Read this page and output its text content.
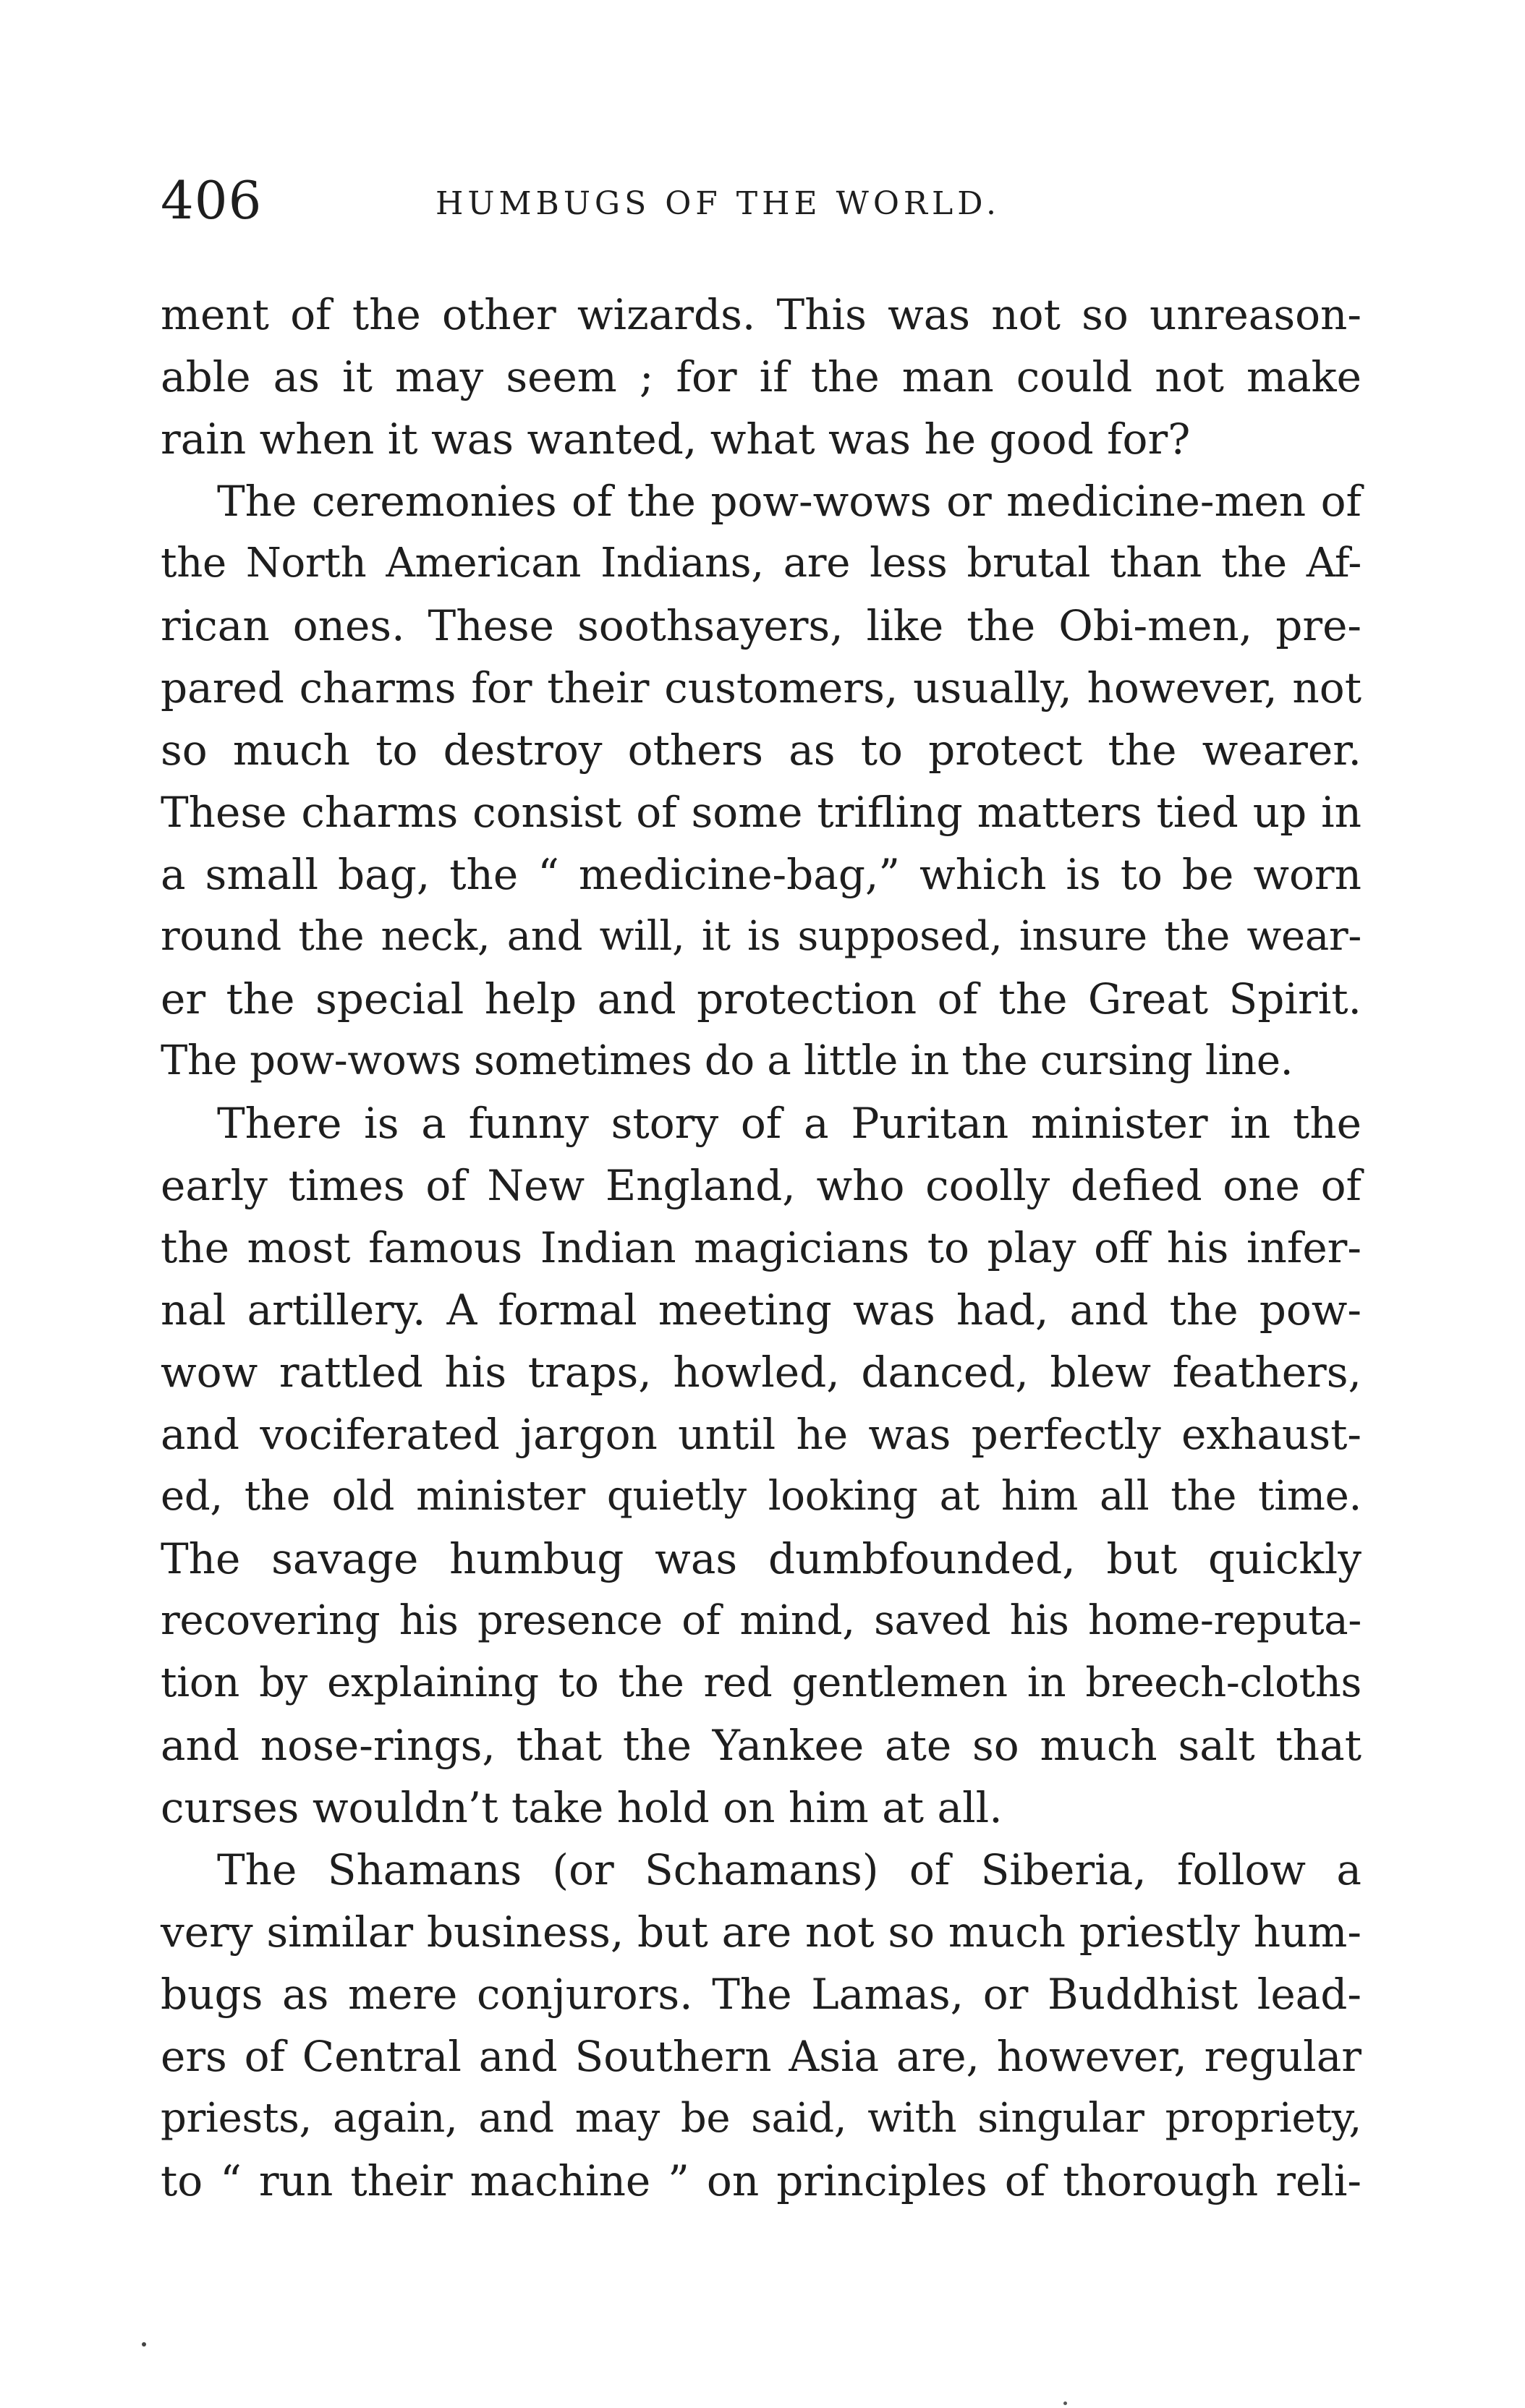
406	HUMBUGS OF THE WORLD.
ment of the other wizards. This was not so unreason-
able as it may seem ; for if the man could not make
rain when it was wanted, what was he good for?
The ceremonies of the pow-wows or medicine-men of
the North American Indians, are less brutal than the Af-
rican ones. These soothsayers, like the Obi-men, pre-
pared charms for their customers, usually, however, not
so much to destroy others as to protect the wearer.
These charms consist of some trifling matters tied up in
a small bag, the “ medicine-bag,” which is to be worn
round the neck, and will, it is supposed, insure the wear-
er the special help and protection of the Great Spirit.
The pow-wows sometimes do a little in the cursing line.
There is a funny story of a Puritan minister in the
early times of New England, who coolly defied one of
the most famous Indian magicians to play off his infer-
nal artillery. A formal meeting was had, and the pow-
wow rattled his traps, howled, danced, blew feathers,
and vociferated jargon until he was perfectly exhaust-
ed, the old minister quietly looking at him all the time.
The savage humbug was dumbfounded, but quickly
recovering his presence of mind, saved his home-reputa-
tion by explaining to the red gentlemen in breech-cloths
and nose-rings, that the Yankee ate so much salt that
curses wouldn’t take hold on him at all.
The Shamans (or Schamans) of Siberia, follow a
very similar business, but are not so much priestly hum-
bugs as mere conjurors. The Lamas, or Buddhist lead-
ers of Central and Southern Asia are, however, regular
priests, again, and may be said, with singular propriety,
to “ run their machine ” on principles of thorough reli-
